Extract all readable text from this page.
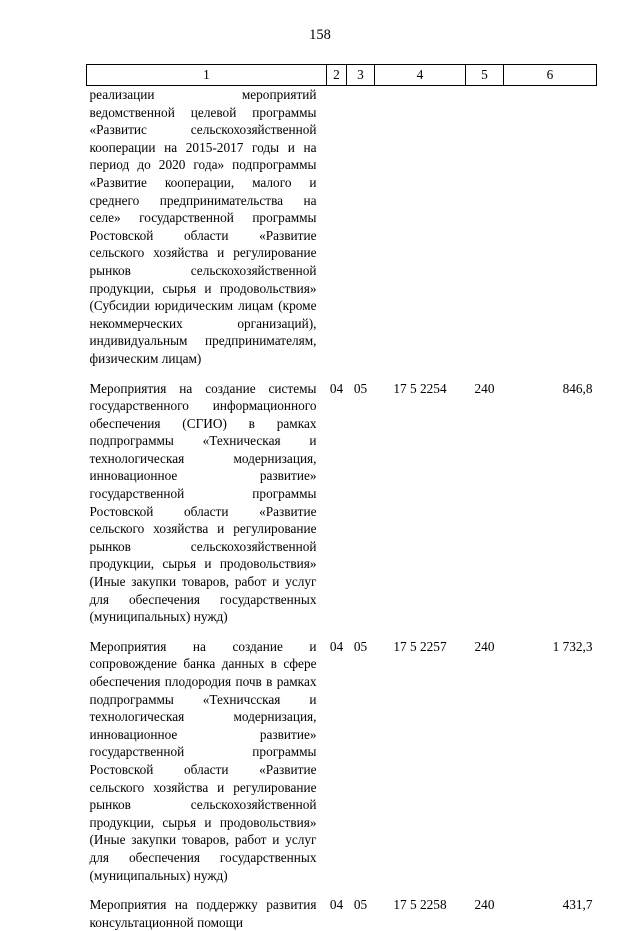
158
1	2	3	4	5	6
реализации мероприятий ведомственной целевой программы «Развитис сельскохозяйственной кооперации на 2015-2017 годы и на период до 2020 года» подпрограммы «Развитие кооперации, малого и среднего предпринимательства на селе» государственной программы Ростовской области «Развитие сельского хозяйства и регулирование рынков сельскохозяйственной продукции, сырья и продовольствия» (Субсидии юридическим лицам (кроме некоммерческих организаций), индивидуальным предпринимателям, физическим лицам)					
Мероприятия на создание системы государственного информационного обеспечения (СГИО) в рамках подпрограммы «Техническая и технологическая модернизация, инновационное развитие» государственной программы Ростовской области «Развитие сельского хозяйства и регулирование рынков сельскохозяйственной продукции, сырья и продовольствия» (Иные закупки товаров, работ и услуг для обеспечения государственных (муниципальных) нужд)	04	05	17 5 2254	240	846,8
Мероприятия на создание и сопровождение банка данных в сфере обеспечения плодородия почв в рамках подпрограммы «Техничсская и технологическая модернизация, инновационное развитие» государственной программы Ростовской области «Развитие сельского хозяйства и регулирование рынков сельскохозяйственной продукции, сырья и продовольствия» (Иные закупки товаров, работ и услуг для обеспечения государственных (муниципальных) нужд)	04	05	17 5 2257	240	1 732,3
Мероприятия на поддержку развития консультационной помощи	04	05	17 5 2258	240	431,7
